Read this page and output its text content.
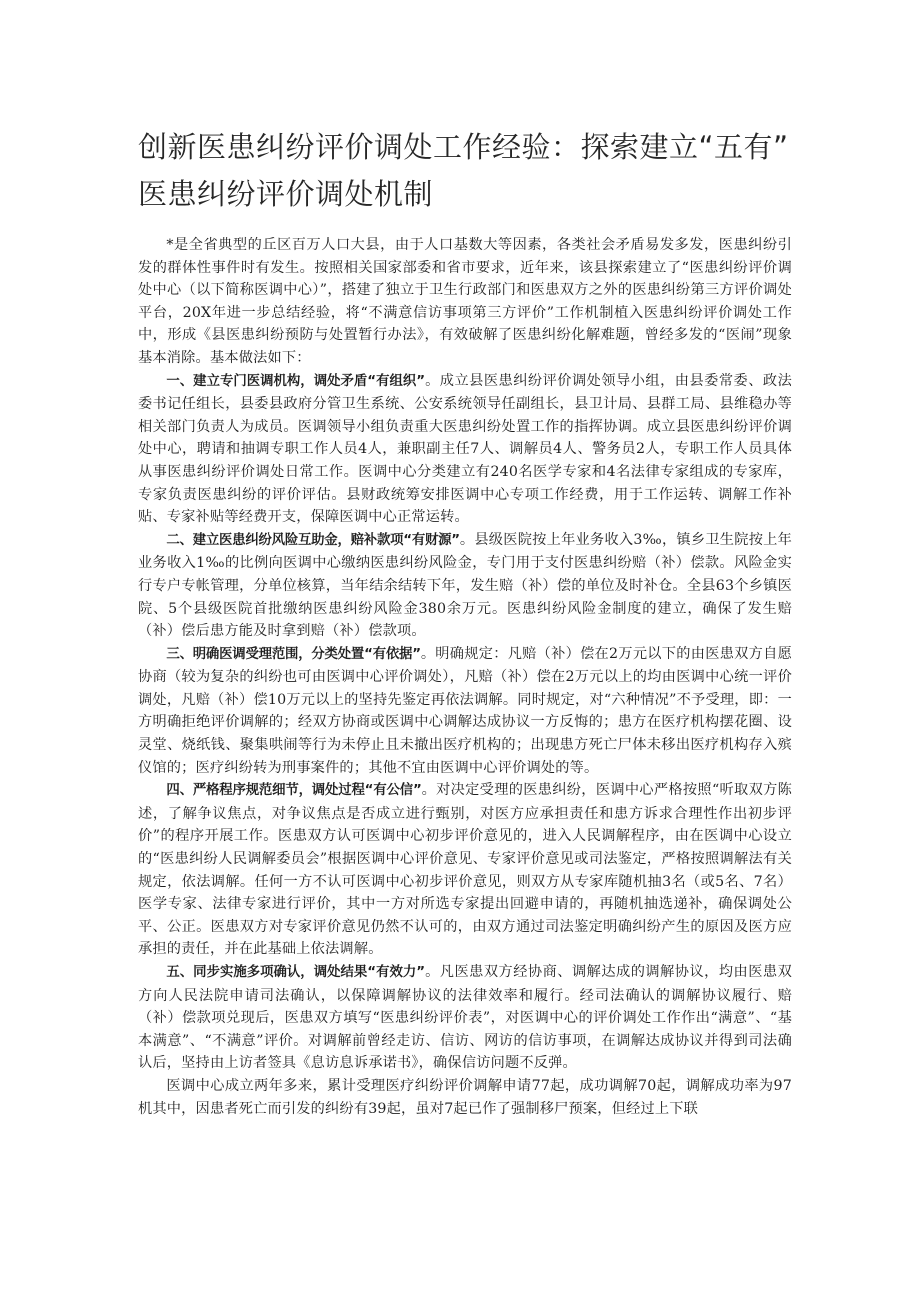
创新医患纠纷评价调处工作经验：探索建立“五有”
医患纠纷评价调处机制

*是全省典型的丘区百万人口大县，由于人口基数大等因素，各类社会矛盾易发多发，医患纠纷引发的群体性事件时有发生。按照相关国家部委和省市要求，近年来，该县探索建立了“医患纠纷评价调处中心（以下简称医调中心）”，搭建了独立于卫生行政部门和医患双方之外的医患纠纷第三方评价调处平台，20X年进一步总结经验，将“不满意信访事项第三方评价”工作机制植入医患纠纷评价调处工作中，形成《县医患纠纷预防与处置暂行办法》，有效破解了医患纠纷化解难题，曾经多发的“医闹”现象基本消除。基本做法如下：

一、建立专门医调机构，调处矛盾“有组织”。成立县医患纠纷评价调处领导小组，由县委常委、政法委书记任组长，县委县政府分管卫生系统、公安系统领导任副组长，县卫计局、县群工局、县维稳办等相关部门负责人为成员。医调领导小组负责重大医患纠纷处置工作的指挥协调。成立县医患纠纷评价调处中心，聘请和抽调专职工作人员4人，兼职副主任7人、调解员4人、警务员2人，专职工作人员具体从事医患纠纷评价调处日常工作。医调中心分类建立有240名医学专家和4名法律专家组成的专家库，专家负责医患纠纷的评价评估。县财政统筹安排医调中心专项工作经费，用于工作运转、调解工作补贴、专家补贴等经费开支，保障医调中心正常运转。

二、建立医患纠纷风险互助金，赔补款项“有财源”。县级医院按上年业务收入3‰，镇乡卫生院按上年业务收入1‰的比例向医调中心缴纳医患纠纷风险金，专门用于支付医患纠纷赔（补）偿款。风险金实行专户专帐管理，分单位核算，当年结余结转下年，发生赔（补）偿的单位及时补仓。全县63个乡镇医院、5个县级医院首批缴纳医患纠纷风险金380余万元。医患纠纷风险金制度的建立，确保了发生赔（补）偿后患方能及时拿到赔（补）偿款项。

三、明确医调受理范围，分类处置“有依据”。明确规定：凡赔（补）偿在2万元以下的由医患双方自愿协商（较为复杂的纠纷也可由医调中心评价调处），凡赔（补）偿在2万元以上的均由医调中心统一评价调处，凡赔（补）偿10万元以上的坚持先鉴定再依法调解。同时规定，对“六种情况”不予受理，即：一方明确拒绝评价调解的；经双方协商或医调中心调解达成协议一方反悔的；患方在医疗机构摆花圈、设灵堂、烧纸钱、聚集哄闹等行为未停止且未撤出医疗机构的；出现患方死亡尸体未移出医疗机构存入殡仪馆的；医疗纠纷转为刑事案件的；其他不宜由医调中心评价调处的等。

四、严格程序规范细节，调处过程“有公信”。对决定受理的医患纠纷，医调中心严格按照“听取双方陈述，了解争议焦点，对争议焦点是否成立进行甄别，对医方应承担责任和患方诉求合理性作出初步评价”的程序开展工作。医患双方认可医调中心初步评价意见的，进入人民调解程序，由在医调中心设立的“医患纠纷人民调解委员会”根据医调中心评价意见、专家评价意见或司法鉴定，严格按照调解法有关规定，依法调解。任何一方不认可医调中心初步评价意见，则双方从专家库随机抽3名（或5名、7名）医学专家、法律专家进行评价，其中一方对所选专家提出回避申请的，再随机抽选递补，确保调处公平、公正。医患双方对专家评价意见仍然不认可的，由双方通过司法鉴定明确纠纷产生的原因及医方应承担的责任，并在此基础上依法调解。

五、同步实施多项确认，调处结果“有效力”。凡医患双方经协商、调解达成的调解协议，均由医患双方向人民法院申请司法确认，以保障调解协议的法律效率和履行。经司法确认的调解协议履行、赔（补）偿款项兑现后，医患双方填写“医患纠纷评价表”，对医调中心的评价调处工作作出“满意”、“基本满意”、“不满意”评价。对调解前曾经走访、信访、网访的信访事项，在调解达成协议并得到司法确认后，坚持由上访者签具《息访息诉承诺书》，确保信访问题不反弹。

医调中心成立两年多来，累计受理医疗纠纷评价调解申请77起，成功调解70起，调解成功率为97机其中，因患者死亡而引发的纠纷有39起，虽对7起已作了强制移尸预案，但经过上下联
